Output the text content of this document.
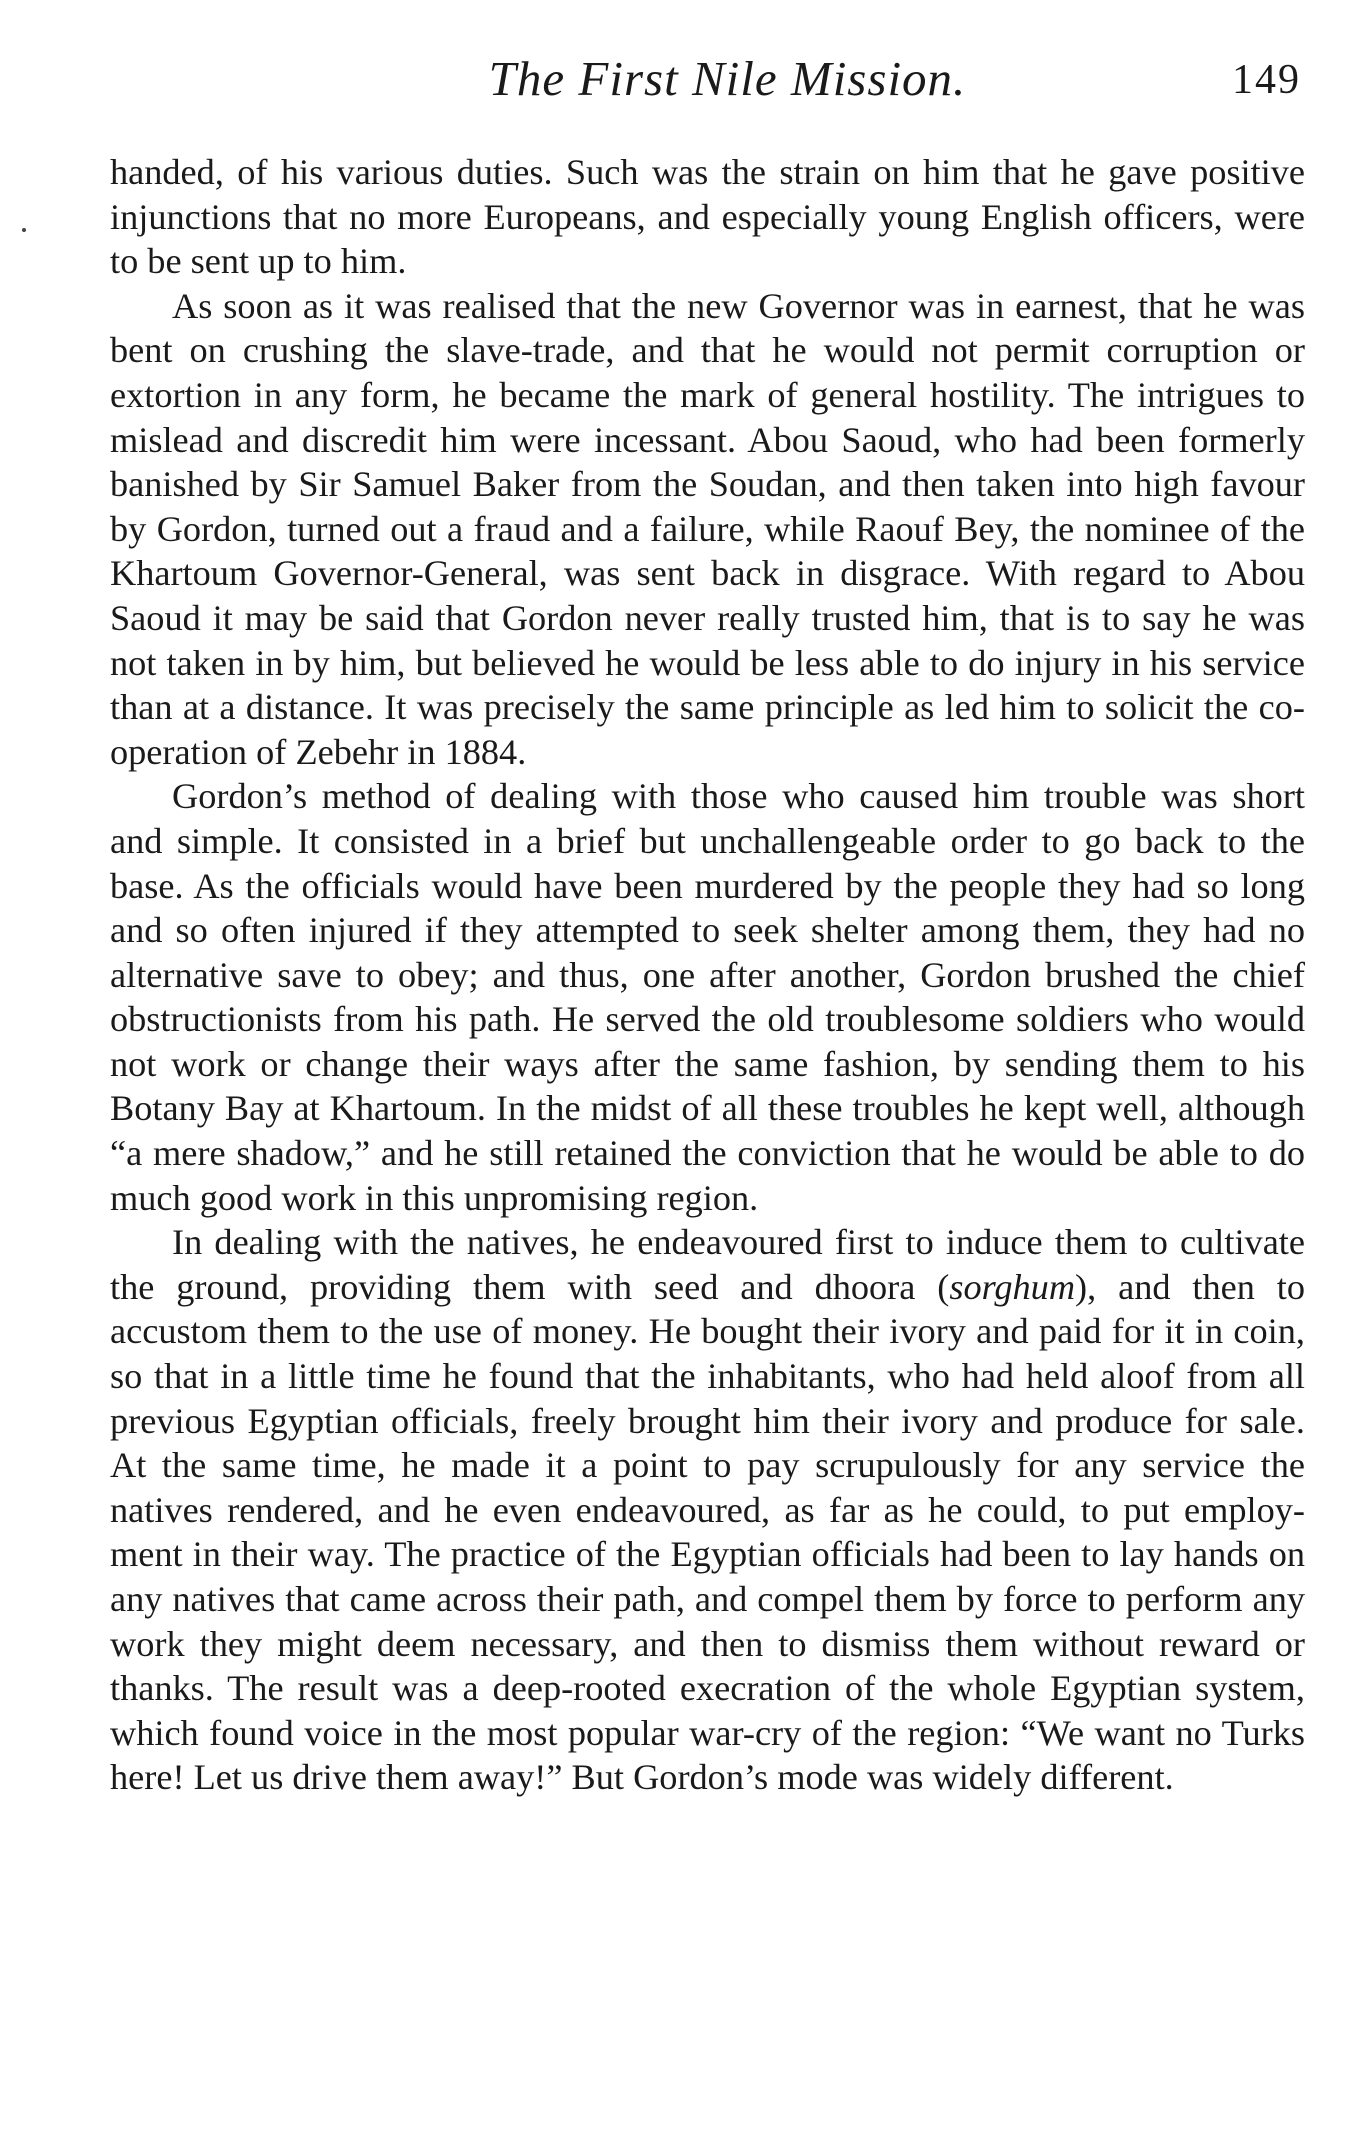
The First Nile Mission.	149

handed, of his various duties. Such was the strain on him that he gave positive injunctions that no more Europeans, and especially young English officers, were to be sent up to him.

As soon as it was realised that the new Governor was in earnest, that he was bent on crushing the slave-trade, and that he would not permit corruption or extortion in any form, he became the mark of general hostility. The intrigues to mislead and discredit him were incessant. Abou Saoud, who had been formerly banished by Sir Samuel Baker from the Soudan, and then taken into high favour by Gordon, turned out a fraud and a failure, while Raouf Bey, the nominee of the Khartoum Governor-General, was sent back in disgrace. With regard to Abou Saoud it may be said that Gordon never really trusted him, that is to say he was not taken in by him, but believed he would be less able to do injury in his service than at a distance. It was precisely the same principle as led him to solicit the co-operation of Zebehr in 1884.

Gordon’s method of dealing with those who caused him trouble was short and simple. It consisted in a brief but unchallengeable order to go back to the base. As the officials would have been murdered by the people they had so long and so often injured if they attempted to seek shelter among them, they had no alternative save to obey; and thus, one after another, Gordon brushed the chief obstructionists from his path. He served the old troublesome soldiers who would not work or change their ways after the same fashion, by sending them to his Botany Bay at Khartoum. In the midst of all these troubles he kept well, although “a mere shadow,” and he still retained the conviction that he would be able to do much good work in this unpromising region.

In dealing with the natives, he endeavoured first to induce them to cultivate the ground, providing them with seed and dhoora (sorghum), and then to accustom them to the use of money. He bought their ivory and paid for it in coin, so that in a little time he found that the inhabitants, who had held aloof from all previous Egyptian officials, freely brought him their ivory and produce for sale. At the same time, he made it a point to pay scrupulously for any service the natives rendered, and he even endeavoured, as far as he could, to put employ-ment in their way. The practice of the Egyptian officials had been to lay hands on any natives that came across their path, and compel them by force to perform any work they might deem necessary, and then to dismiss them without reward or thanks. The result was a deep-rooted execration of the whole Egyptian system, which found voice in the most popular war-cry of the region: “We want no Turks here! Let us drive them away!” But Gordon’s mode was widely different.
